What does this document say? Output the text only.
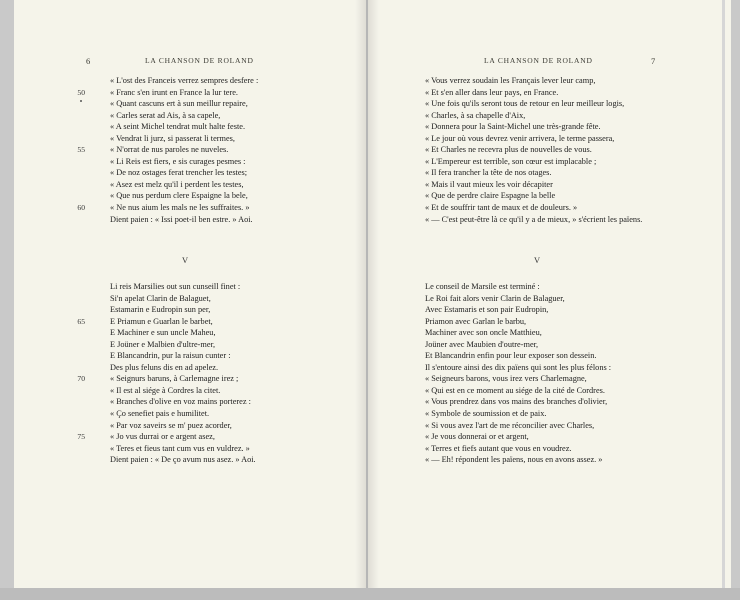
6	LA CHANSON DE ROLAND
« L'ost des Franceis verrez sempres desfere :
50	« Franc s'en irunt en France la lur tere.
« Quant cascuns ert à sun meillur repaire,
« Carles serat ad Ais, à sa capele,
« A seint Michel tendrat mult halte feste.
« Vendrat li jurz, si passerat li termes,
55	« N'orrat de nus paroles ne nuveles.
« Li Reis est fiers, e sis curages pesmes :
« De noz ostages ferat trencher les testes;
« Asez est melz qu'il i perdent les testes,
« Que nus perdum clere Espaigne la bele,
60	« Ne nus aium les mals ne les suffraites. »
Dient paien : « Issi poet-il ben estre. » Aoi.
V
Li reis Marsilies out sun cunseill finet :
Si'n apelat Clarin de Balaguet,
Estamarin e Eudropin sun per,
65	E Priamun e Guarlan le barbet,
E Machiner e sun uncle Maheu,
E Joüner e Malbien d'ultre-mer,
E Blancandrin, pur la raisun cunter :
Des plus feluns dis en ad apelez.
70	« Seignurs baruns, à Carlemagne irez ;
« Il est al siége à Cordres la citet.
« Branches d'olive en voz mains porterez :
« Ço senefiet pais e humilitet.
« Par voz saveirs se m' puez acorder,
75	« Jo vus durrai or e argent asez,
« Teres et fieus tant cum vus en vuldrez. »
Dient paien : « De ço avum nus asez. » Aoi.
LA CHANSON DE ROLAND	7
« Vous verrez soudain les Français lever leur camp,
« Et s'en aller dans leur pays, en France.
« Une fois qu'ils seront tous de retour en leur meilleur logis,
« Charles, à sa chapelle d'Aix,
« Donnera pour la Saint-Michel une très-grande fête.
« Le jour où vous devrez venir arrivera, le terme passera,
« Et Charles ne recevra plus de nouvelles de vous.
« L'Empereur est terrible, son cœur est implacable ;
« Il fera trancher la tête de nos otages.
« Mais il vaut mieux les voir décapiter
« Que de perdre claire Espagne la belle
« Et de souffrir tant de maux et de douleurs. »
« — C'est peut-être là ce qu'il y a de mieux, » s'écrient les païens.
V
Le conseil de Marsile est terminé :
Le Roi fait alors venir Clarin de Balaguer,
Avec Estamaris et son pair Eudropin,
Priamon avec Garlan le barbu,
Machiner avec son oncle Matthieu,
Joüner avec Maubien d'outre-mer,
Et Blancandrin enfin pour leur exposer son dessein.
Il s'entoure ainsi des dix païens qui sont les plus félons :
« Seigneurs barons, vous irez vers Charlemagne,
« Qui est en ce moment au siége de la cité de Cordres.
« Vous prendrez dans vos mains des branches d'olivier,
« Symbole de soumission et de paix.
« Si vous avez l'art de me réconcilier avec Charles,
« Je vous donnerai or et argent,
« Terres et fiefs autant que vous en voudrez.
« — Eh! répondent les païens, nous en avons assez. »
